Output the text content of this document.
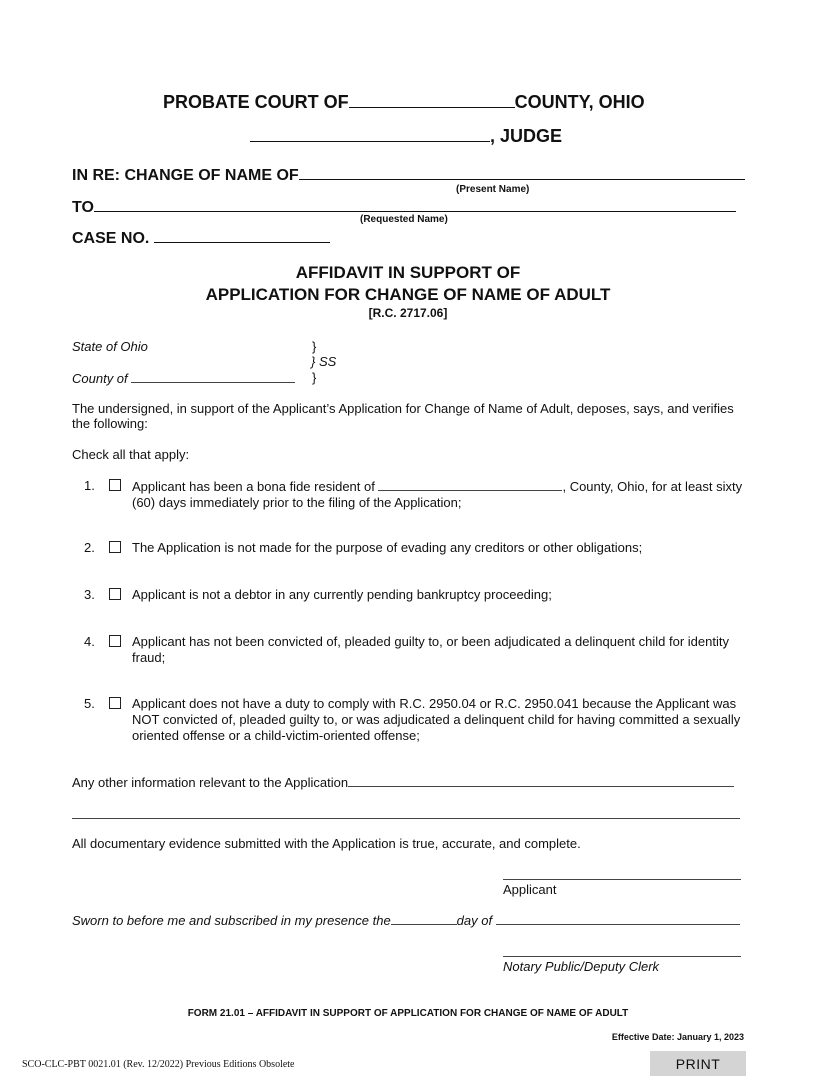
PROBATE COURT OF	COUNTY, OHIO
, JUDGE
IN RE: CHANGE OF NAME OF
(Present Name)
TO
(Requested Name)
CASE NO.
AFFIDAVIT IN SUPPORT OF
APPLICATION FOR CHANGE OF NAME OF ADULT
[R.C. 2717.06]
State of Ohio
County of
}
} SS
}
The undersigned, in support of the Applicant’s Application for Change of Name of Adult, deposes, says, and verifies the following:
Check all that apply:
1.	Applicant has been a bona fide resident of	, County, Ohio, for at least sixty (60) days immediately prior to the filing of the Application;
2.	The Application is not made for the purpose of evading any creditors or other obligations;
3.	Applicant is not a debtor in any currently pending bankruptcy proceeding;
4.	Applicant has not been convicted of, pleaded guilty to, or been adjudicated a delinquent child for identity fraud;
5.	Applicant does not have a duty to comply with R.C. 2950.04 or R.C. 2950.041 because the Applicant was NOT convicted of, pleaded guilty to, or was adjudicated a delinquent child for having committed a sexually oriented offense or a child-victim-oriented offense;
Any other information relevant to the Application
All documentary evidence submitted with the Application is true, accurate, and complete.
Applicant
Sworn to before me and subscribed in my presence the	day of
Notary Public/Deputy Clerk
FORM 21.01 – AFFIDAVIT IN SUPPORT OF APPLICATION FOR CHANGE OF NAME OF ADULT
Effective Date: January 1, 2023
SCO-CLC-PBT 0021.01 (Rev. 12/2022) Previous Editions Obsolete	PRINT
